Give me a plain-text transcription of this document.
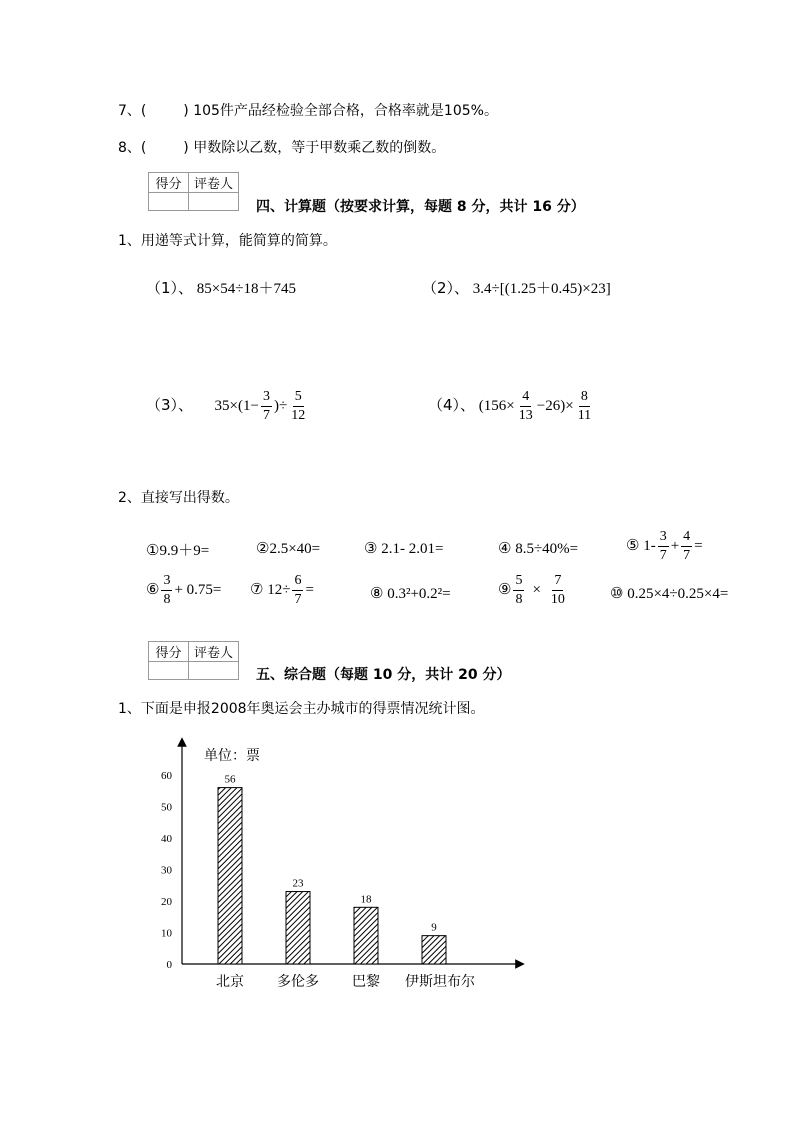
7、(	) 105件产品经检验全部合格，合格率就是105%。
8、(	) 甲数除以乙数，等于甲数乘乙数的倒数。
得分	评卷人

四、计算题（按要求计算，每题 8 分，共计 16 分）
1、用递等式计算，能简算的简算。
（1）、 85×54÷18＋745	（2）、 3.4÷[(1.25＋0.45)×23]
（3）、 $35\times(1- \frac{3}{7}$ )÷ $\frac{5}{12}$	（4）、 $(156\times \frac{4}{13} -26)\times \frac{8}{11}$
2、直接写出得数。
①9.9＋9=	②2.5×40=	③ 2.1- 2.01=	④ 8.5÷40%=	⑤ $1- \frac{3}{7} + \frac{4}{7}$ =
⑥ $\frac{3}{8} + 0.75=$ ⑦ $12\div \frac{6}{7}$ =	⑧ 0.3²+0.2²=	⑨ $\frac{5}{8} \times \frac{7}{10}$	⑩ 0.25×4÷0.25×4=
得分	评卷人

五、综合题（每题 10 分，共计 20 分）
1、下面是申报2008年奥运会主办城市的得票情况统计图。
单位：票
0
10
20
30
40
50
60	56
北京
23
多伦多
18
巴黎
9
伊斯坦布尔
